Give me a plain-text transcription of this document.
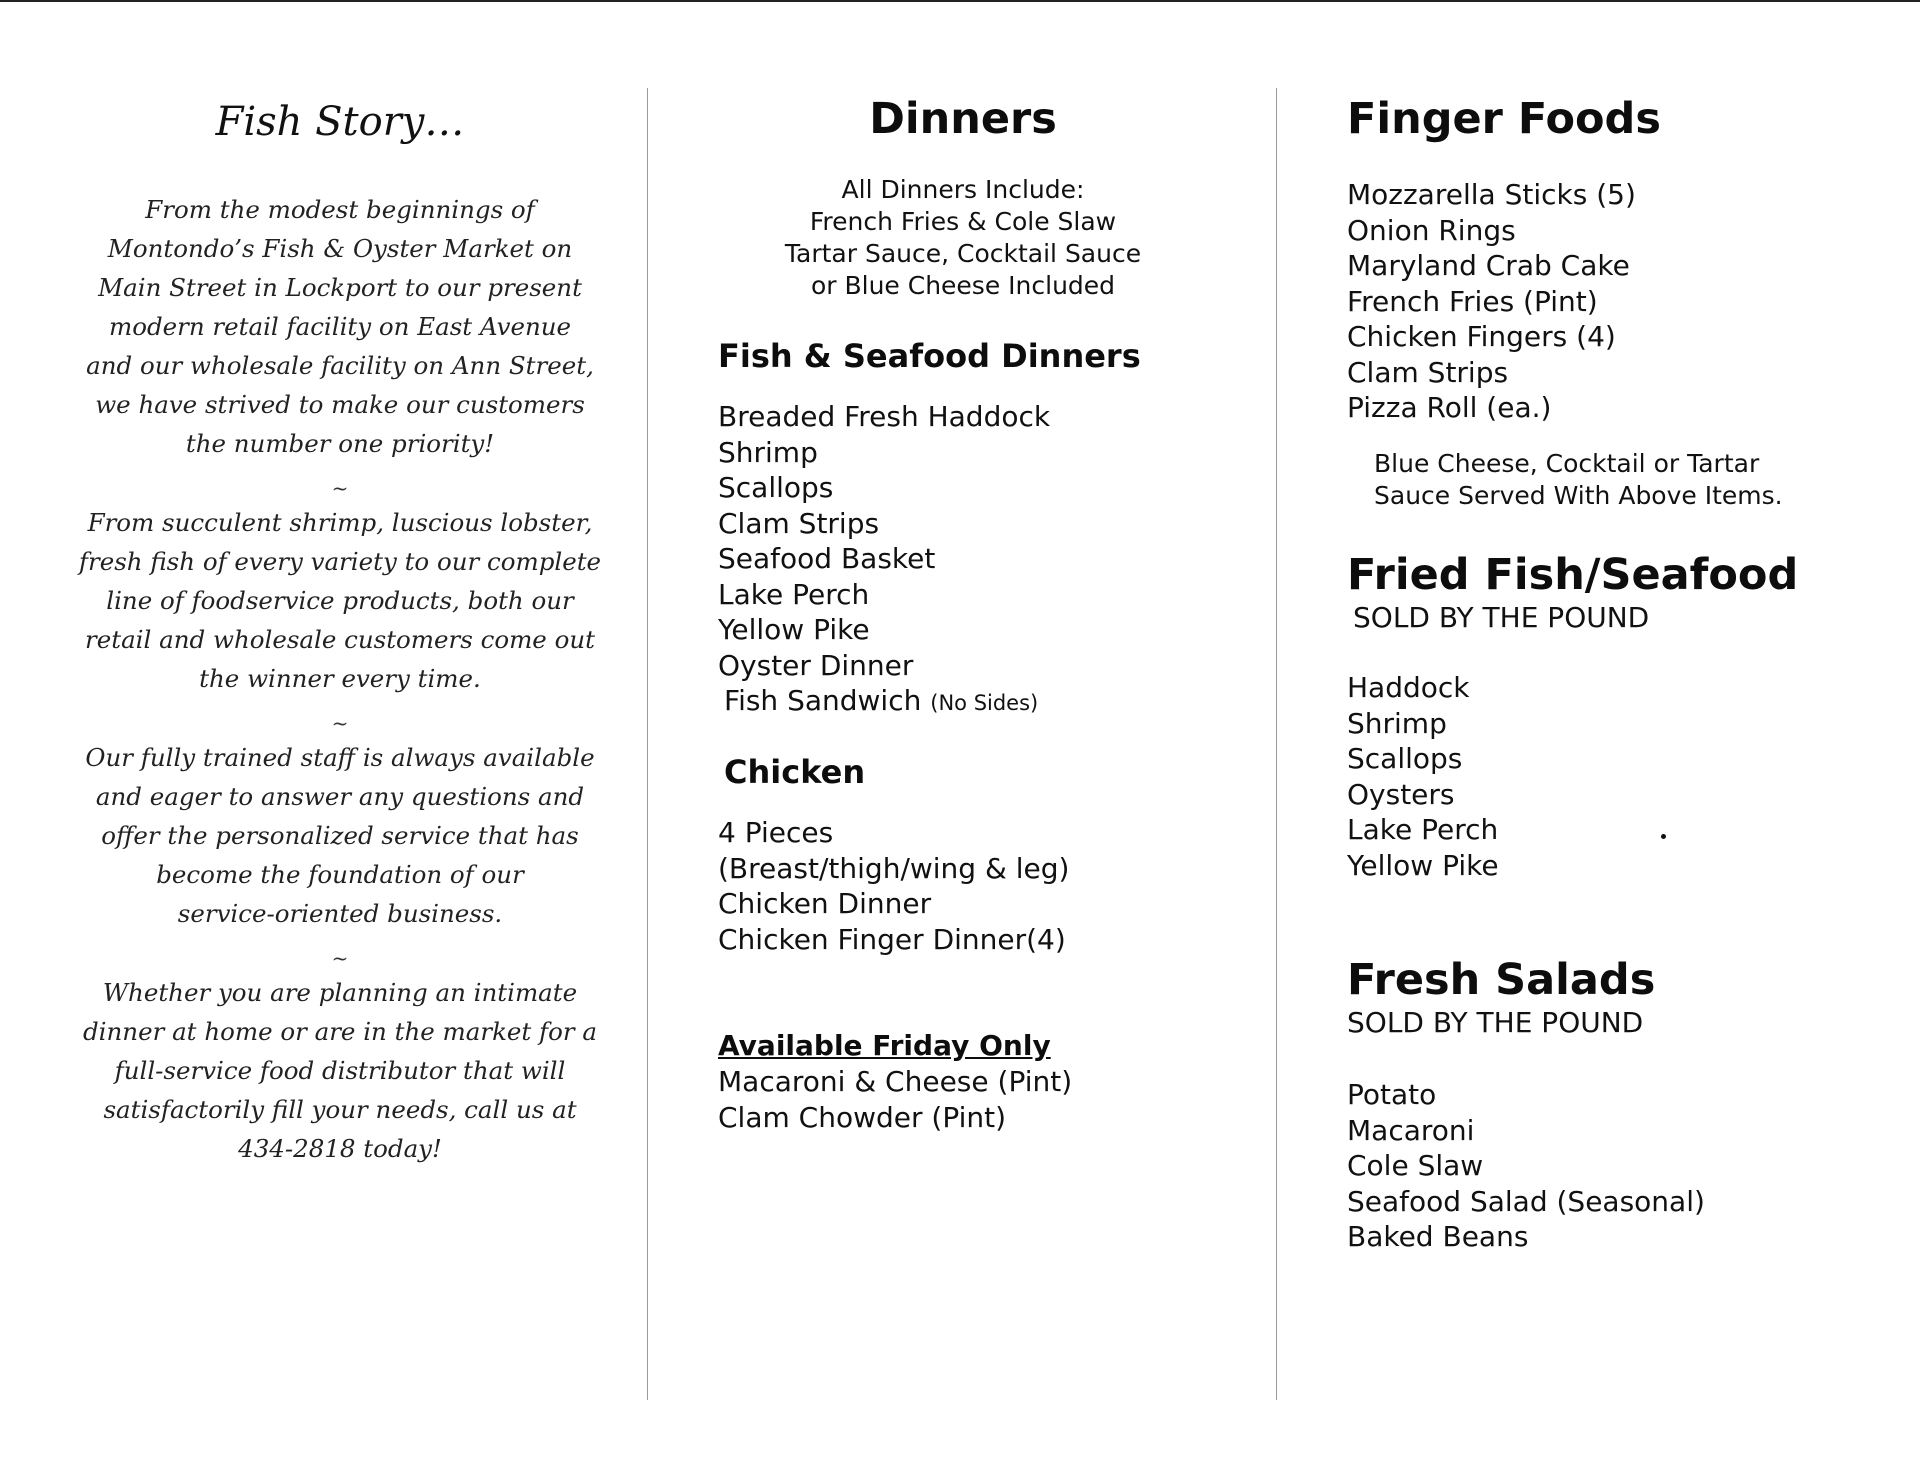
Fish Story…
From the modest beginnings of
Montondo’s Fish & Oyster Market on
Main Street in Lockport to our present
modern retail facility on East Avenue
and our wholesale facility on Ann Street,
we have strived to make our customers
the number one priority!
~
From succulent shrimp, luscious lobster,
fresh fish of every variety to our complete
line of foodservice products, both our
retail and wholesale customers come out
the winner every time.
~
Our fully trained staff is always available
and eager to answer any questions and
offer the personalized service that has
become the foundation of our
service-oriented business.
~
Whether you are planning an intimate
dinner at home or are in the market for a
full-service food distributor that will
satisfactorily fill your needs, call us at
434-2818 today!
Dinners
All Dinners Include:
French Fries & Cole Slaw
Tartar Sauce, Cocktail Sauce
or Blue Cheese Included
Fish & Seafood Dinners
Breaded Fresh Haddock
Shrimp
Scallops
Clam Strips
Seafood Basket
Lake Perch
Yellow Pike
Oyster Dinner
Fish Sandwich (No Sides)
Chicken
4 Pieces
(Breast/thigh/wing & leg)
Chicken Dinner
Chicken Finger Dinner(4)
Available Friday Only
Macaroni & Cheese (Pint)
Clam Chowder (Pint)
Finger Foods
Mozzarella Sticks (5)
Onion Rings
Maryland Crab Cake
French Fries (Pint)
Chicken Fingers (4)
Clam Strips
Pizza Roll (ea.)
Blue Cheese, Cocktail or Tartar
Sauce Served With Above Items.
Fried Fish/Seafood
SOLD BY THE POUND
Haddock
Shrimp
Scallops
Oysters
Lake Perch
Yellow Pike
Fresh Salads
SOLD BY THE POUND
Potato
Macaroni
Cole Slaw
Seafood Salad (Seasonal)
Baked Beans
